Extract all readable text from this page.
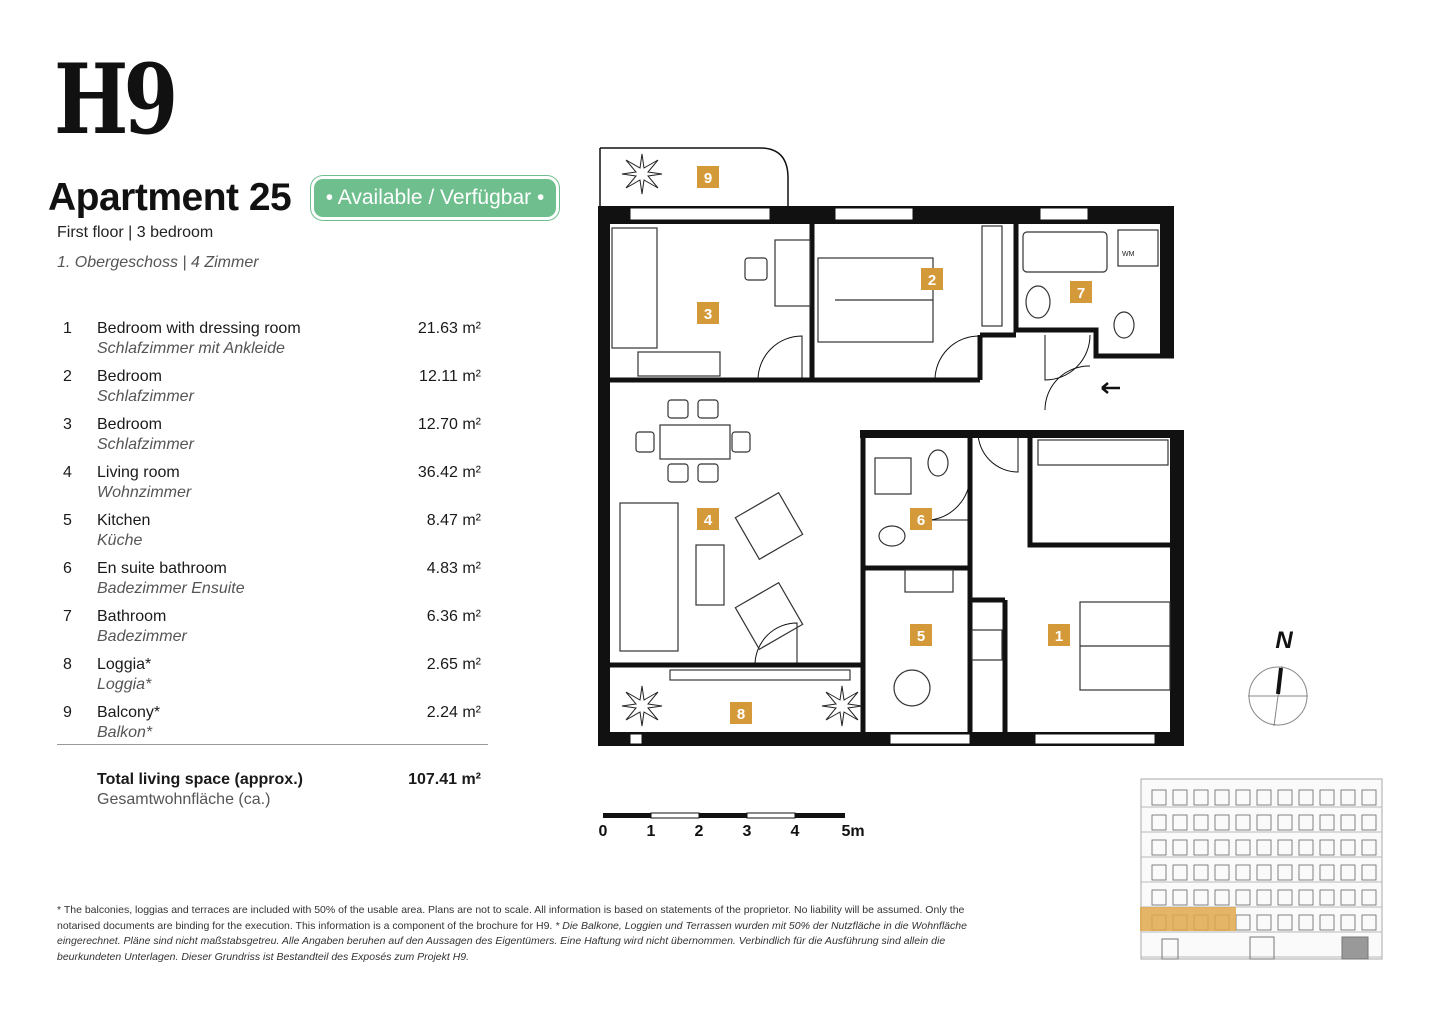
H9
Apartment 25	• Available / Verfügbar •
First floor | 3 bedroom
1. Obergeschoss | 4 Zimmer
1 Bedroom with dressing room
Schlafzimmer mit Ankleide
21.63 m²
2 Bedroom
Schlafzimmer
12.11 m²
3 Bedroom
Schlafzimmer
12.70 m²
4 Living room
Wohnzimmer
36.42 m²
5 Kitchen
Küche
8.47 m²
6 En suite bathroom
Badezimmer Ensuite
4.83 m²
7 Bathroom
Badezimmer
6.36 m²
8 Loggia*
Loggia*
2.65 m²
9 Balcony*
Balkon*
2.24 m²
Total living space (approx.)
Gesamtwohnfläche (ca.)
107.41 m²
WM
1
2
3
4
5
6
7
8
9
0 1 2 3 4	5m
N
* The balconies, loggias and terraces are included with 50% of the usable area. Plans are not to scale. All information is based on statements of the proprietor. No liability will be assumed. Only the notarised documents are binding for the execution. This information is a component of the brochure for H9. * Die Balkone, Loggien und Terrassen wurden mit 50% der Nutzfläche in die Wohnfläche eingerechnet. Pläne sind nicht maßstabsgetreu. Alle Angaben beruhen auf den Aussagen des Eigentümers. Eine Haftung wird nicht übernommen. Verbindlich für die Ausführung sind allein die beurkundeten Unterlagen. Dieser Grundriss ist Bestandteil des Exposés zum Projekt H9.
